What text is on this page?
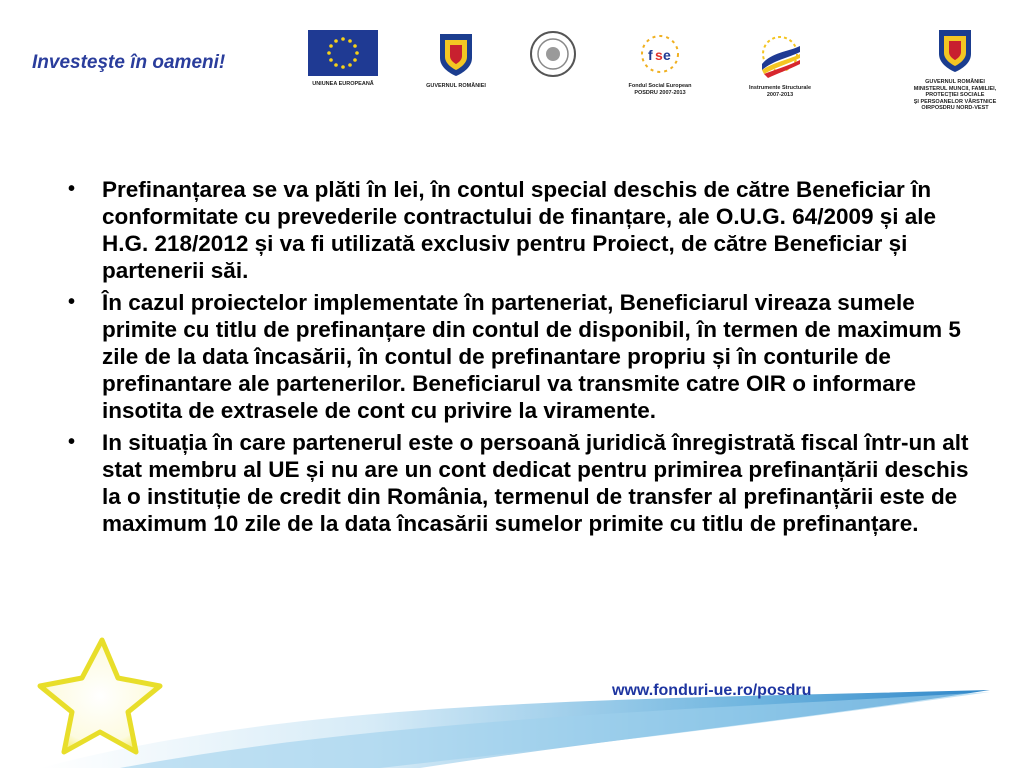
Investeşte în oameni!
UNIUNEA EUROPEANĂ	GUVERNUL ROMÂNIEI
f s e
Fondul Social European
POSDRU 2007-2013
Instrumente Structurale
2007-2013
GUVERNUL ROMÂNIEI
MINISTERUL MUNCII, FAMILIEI,
PROTECŢIEI SOCIALE
ŞI PERSOANELOR VÂRSTNICE
OIRPOSDRU NORD-VEST
• Prefinanțarea se va plăti în lei, în contul special deschis de către Beneficiar în conformitate cu prevederile contractului de finanțare, ale O.U.G. 64/2009 și ale H.G. 218/2012 și va fi utilizată exclusiv pentru Proiect, de către Beneficiar și partenerii săi.
• În cazul proiectelor implementate în parteneriat, Beneficiarul vireaza sumele primite cu titlu de prefinanțare din contul de disponibil, în termen de maximum 5 zile de la data încasării, în contul de prefinantare propriu și în conturile de prefinantare ale partenerilor. Beneficiarul va transmite catre OIR o informare insotita de extrasele de cont cu privire la viramente.
• In situația în care partenerul este o persoană juridică înregistrată fiscal într-un alt stat membru al UE și nu are un cont dedicat pentru primirea prefinanțării deschis la o instituție de credit din România, termenul de transfer al prefinanțării este de maximum 10 zile de la data încasării sumelor primite cu titlu de prefinanțare.
www.fonduri-ue.ro/posdru
